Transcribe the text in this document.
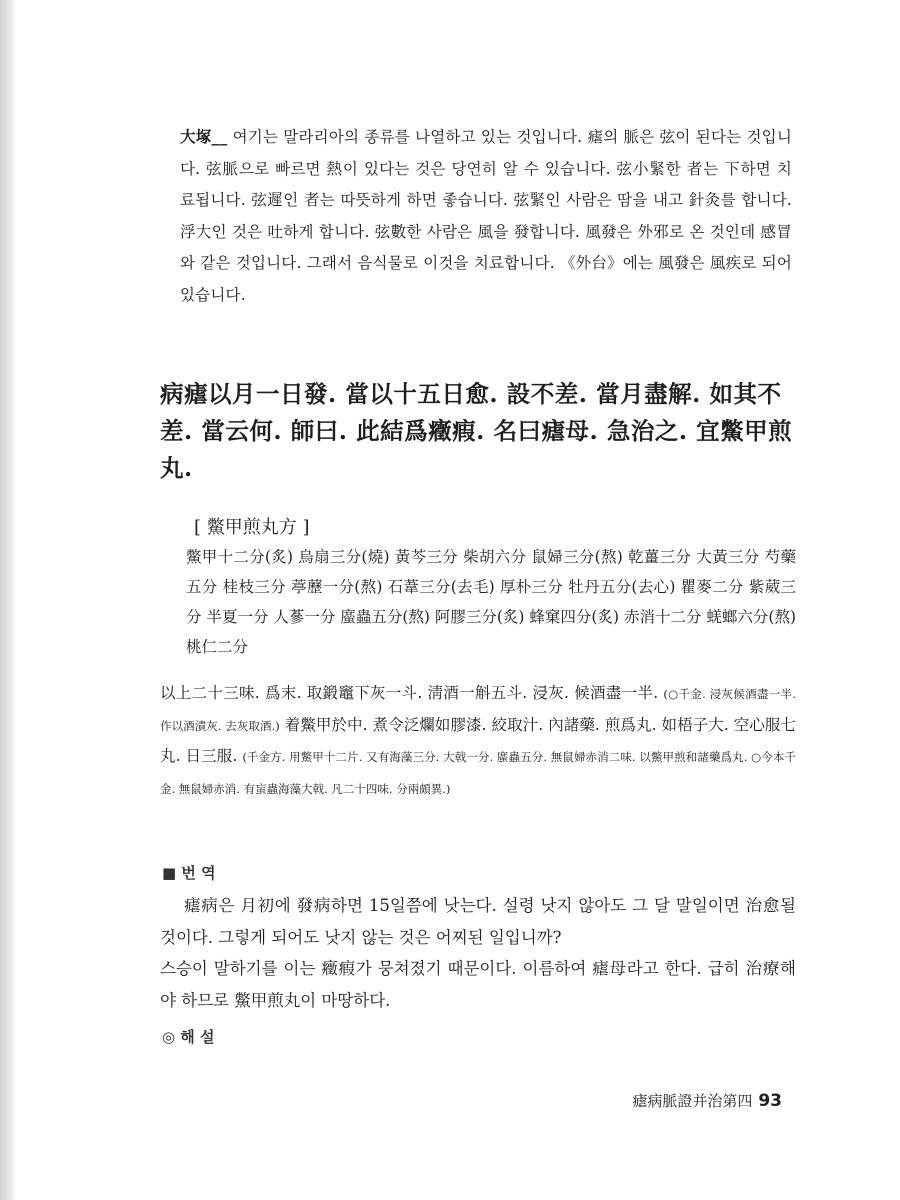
大塚__ 여기는 말라리아의 종류를 나열하고 있는 것입니다. 瘧의 脈은 弦이 된다는 것입니다. 弦脈으로 빠르면 熱이 있다는 것은 당연히 알 수 있습니다. 弦小緊한 者는 下하면 치료됩니다. 弦遲인 者는 따뜻하게 하면 좋습니다. 弦緊인 사람은 땀을 내고 針灸를 합니다. 浮大인 것은 吐하게 합니다. 弦數한 사람은 風을 發합니다. 風發은 外邪로 온 것인데 感冒와 같은 것입니다. 그래서 음식물로 이것을 치료합니다. 《外台》에는 風發은 風疾로 되어 있습니다.
病瘧以月一日發. 當以十五日愈. 設不差. 當月盡解. 如其不差. 當云何. 師曰. 此結爲癥瘕. 名曰瘧母. 急治之. 宜鱉甲煎丸.
[ 鱉甲煎丸方 ]
鱉甲十二分(炙) 烏扇三分(燒) 黃芩三分 柴胡六分 鼠婦三分(熬) 乾薑三分 大黃三分 芍藥五分 桂枝三分 葶藶一分(熬) 石葦三分(去毛) 厚朴三分 牡丹五分(去心) 瞿麥二分 紫葳三分 半夏一分 人蔘一分 䗪蟲五分(熬) 阿膠三分(炙) 蜂窠四分(炙) 赤消十二分 蜣螂六分(熬) 桃仁二分
以上二十三味. 爲末. 取鍛竈下灰一斗. 淸酒一斛五斗. 浸灰. 候酒盡一半. (○千金. 浸灰候酒盡一半. 作以酒漬灰. 去灰取酒.) 着鱉甲於中. 煮令泛爛如膠漆. 絞取汁. 內諸藥. 煎爲丸. 如梧子大. 空心服七丸. 日三服. (千金方. 用鱉甲十二片. 又有海藻三分. 大戟一分. 䗪蟲五分. 無鼠婦赤消二味. 以鱉甲煎和諸藥爲丸. ○今本千金. 無鼠婦赤消. 有䖟蟲海藻大戟. 凡二十四味. 分兩頗異.)
■ 번 역

瘧病은 月初에 發病하면 15일쯤에 낫는다. 설령 낫지 않아도 그 달 말일이면 治愈될 것이다. 그렇게 되어도 낫지 않는 것은 어찌된 일입니까?

스승이 말하기를 이는 癥瘕가 뭉쳐졌기 때문이다. 이름하여 瘧母라고 한다. 급히 治療해야 하므로 鱉甲煎丸이 마땅하다.

◎ 해 설
瘧病脈證并治第四 93
